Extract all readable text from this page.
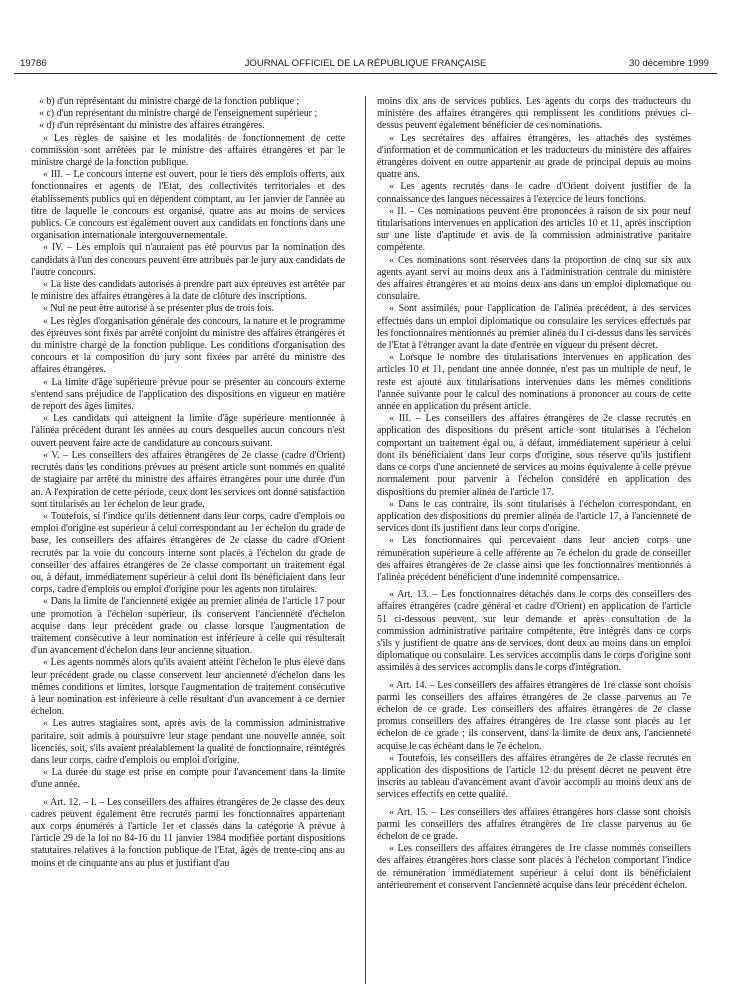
19786	JOURNAL OFFICIEL DE LA RÉPUBLIQUE FRANÇAISE	30 décembre 1999

« b) d'un représentant du ministre chargé de la fonction publique ;

« c) d'un représentant du ministre chargé de l'enseignement supérieur ;

« d) d'un représentant du ministre des affaires étrangères.

« Les règles de saisine et les modalités de fonctionnement de cette commission sont arrêtées par le ministre des affaires étrangères et par le ministre chargé de la fonction publique.

« III. – Le concours interne est ouvert, pour le tiers des emplois offerts, aux fonctionnaires et agents de l'Etat, des collectivités territoriales et des établissements publics qui en dépendent comptant, au 1er janvier de l'année au titre de laquelle le concours est organisé, quatre ans au moins de services publics. Ce concours est également ouvert aux candidats en fonctions dans une organisation internationale intergouvernementale.

« IV. – Les emplois qui n'auraient pas été pourvus par la nomination des candidats à l'un des concours peuvent être attribués par le jury aux candidats de l'autre concours.

« La liste des candidats autorisés à prendre part aux épreuves est arrêtée par le ministre des affaires étrangères à la date de clôture des inscriptions.

« Nul ne peut être autorisé à se présenter plus de trois fois.

« Les règles d'organisation générale des concours, la nature et le programme des épreuves sont fixés par arrêté conjoint du ministre des affaires étrangères et du ministre chargé de la fonction publique. Les conditions d'organisation des concours et la composition du jury sont fixées par arrêté du ministre des affaires étrangères.

« La limite d'âge supérieure prévue pour se présenter au concours externe s'entend sans préjudice de l'application des dispositions en vigueur en matière de report des âges limites.

« Les candidats qui atteignent la limite d'âge supérieure mentionnée à l'alinéa précédent durant les années au cours desquelles aucun concours n'est ouvert peuvent faire acte de candidature au concours suivant.

« V. – Les conseillers des affaires étrangères de 2e classe (cadre d'Orient) recrutés dans les conditions prévues au présent article sont nommés en qualité de stagiaire par arrêté du ministre des affaires étrangères pour une durée d'un an. A l'expiration de cette période, ceux dont les services ont donné satisfaction sont titularisés au 1er échelon de leur grade.

« Toutefois, si l'indice qu'ils détiennent dans leur corps, cadre d'emplois ou emploi d'origine est supérieur à celui correspondant au 1er échelon du grade de base, les conseillers des affaires étrangères de 2e classe du cadre d'Orient recrutés par la voie du concours interne sont placés à l'échelon du grade de conseiller des affaires étrangères de 2e classe comportant un traitement égal ou, à défaut, immédiatement supérieur à celui dont ils bénéficiaient dans leur corps, cadre d'emplois ou emploi d'origine pour les agents non titulaires.

« Dans la limite de l'ancienneté exigée au premier alinéa de l'article 17 pour une promotion à l'échelon supérieur, ils conservent l'ancienneté d'échelon acquise dans leur précédent grade ou classe lorsque l'augmentation de traitement consécutive à leur nomination est inférieure à celle qui résulterait d'un avancement d'échelon dans leur ancienne situation.

« Les agents nommés alors qu'ils avaient atteint l'échelon le plus élevé dans leur précédent grade ou classe conservent leur ancienneté d'échelon dans les mêmes conditions et limites, lorsque l'augmentation de traitement consécutive à leur nomination est inférieure à celle résultant d'un avancement à ce dernier échelon.

« Les autres stagiaires sont, après avis de la commission administrative paritaire, soit admis à poursuivre leur stage pendant une nouvelle année, soit licenciés, soit, s'ils avaient préalablement la qualité de fonctionnaire, réintégrés dans leur corps, cadre d'emplois ou emploi d'origine.

« La durée du stage est prise en compte pour l'avancement dans la limite d'une année.

« Art. 12. – I. – Les conseillers des affaires étrangères de 2e classe des deux cadres peuvent également être recrutés parmi les fonctionnaires appartenant aux corps énumérés à l'article 1er et classés dans la catégorie A prévue à l'article 29 de la loi no 84-16 du 11 janvier 1984 modifiée portant dispositions statutaires relatives à la fonction publique de l'Etat, âgés de trente-cinq ans au moins et de cinquante ans au plus et justifiant d'au

moins dix ans de services publics. Les agents du corps des traducteurs du ministère des affaires étrangères qui remplissent les conditions prévues ci-dessus peuvent également bénéficier de ces nominations.

« Les secrétaires des affaires étrangères, les attachés des systèmes d'information et de communication et les traducteurs du ministère des affaires étrangères doivent en outre appartenir au grade de principal depuis au moins quatre ans.

« Les agents recrutés dans le cadre d'Orient doivent justifier de la connaissance des langues nécessaires à l'exercice de leurs fonctions.

« II. – Ces nominations peuvent être prononcées à raison de six pour neuf titularisations intervenues en application des articles 10 et 11, après inscription sur une liste d'aptitude et avis de la commission administrative paritaire compétente.

« Ces nominations sont réservées dans la proportion de cinq sur six aux agents ayant servi au moins deux ans à l'administration centrale du ministère des affaires étrangères et au moins deux ans dans un emploi diplomatique ou consulaire.

« Sont assimilés, pour l'application de l'alinéa précédent, à des services effectués dans un emploi diplomatique ou consulaire les services effectués par les fonctionnaires mentionnés au premier alinéa du I ci-dessus dans les services de l'Etat à l'étranger avant la date d'entrée en vigueur du présent décret.

« Lorsque le nombre des titularisations intervenues en application des articles 10 et 11, pendant une année donnée, n'est pas un multiple de neuf, le reste est ajouté aux titularisations intervenues dans les mêmes conditions l'année suivante pour le calcul des nominations à prononcer au cours de cette année en application du présent article.

« III. – Les conseillers des affaires étrangères de 2e classe recrutés en application des dispositions du présent article sont titularisés à l'échelon comportant un traitement égal ou, à défaut, immédiatement supérieur à celui dont ils bénéficiaient dans leur corps d'origine, sous réserve qu'ils justifient dans ce corps d'une ancienneté de services au moins équivalente à celle prévue normalement pour parvenir à l'échelon considéré en application des dispositions du premier alinéa de l'article 17.

« Dans le cas contraire, ils sont titularisés à l'échelon correspondant, en application des dispositions du premier alinéa de l'article 17, à l'ancienneté de services dont ils justifient dans leur corps d'origine.

« Les fonctionnaires qui percevaient dans leur ancien corps une rémunération supérieure à celle afférente au 7e échelon du grade de conseiller des affaires étrangères de 2e classe ainsi que les fonctionnaires mentionnés à l'alinéa précédent bénéficient d'une indemnité compensatrice.

« Art. 13. – Les fonctionnaires détachés dans le corps des conseillers des affaires étrangères (cadre général et cadre d'Orient) en application de l'article 51 ci-dessous peuvent, sur leur demande et après consultation de la commission administrative paritaire compétente, être intégrés dans ce corps s'ils y justifient de quatre ans de services, dont deux au moins dans un emploi diplomatique ou consulaire. Les services accomplis dans le corps d'origine sont assimilés à des services accomplis dans le corps d'intégration.

« Art. 14. – Les conseillers des affaires étrangères de 1re classe sont choisis parmi les conseillers des affaires étrangères de 2e classe parvenus au 7e échelon de ce grade. Les conseillers des affaires étrangères de 2e classe promus conseillers des affaires étrangères de 1re classe sont placés au 1er échelon de ce grade ; ils conservent, dans la limite de deux ans, l'ancienneté acquise le cas échéant dans le 7e échelon.

« Toutefois, les conseillers des affaires étrangères de 2e classe recrutés en application des dispositions de l'article 12 du présent décret ne peuvent être inscrits au tableau d'avancement avant d'avoir accompli au moins deux ans de services effectifs en cette qualité.

« Art. 15. – Les conseillers des affaires étrangères hors classe sont choisis parmi les conseillers des affaires étrangères de 1re classe parvenus au 6e échelon de ce grade.

« Les conseillers des affaires étrangères de 1re classe nommés conseillers des affaires étrangères hors classe sont placés à l'échelon comportant l'indice de rémunération immédiatement supérieur à celui dont ils bénéficiaient antérieurement et conservent l'ancienneté acquise dans leur précédent échelon.
